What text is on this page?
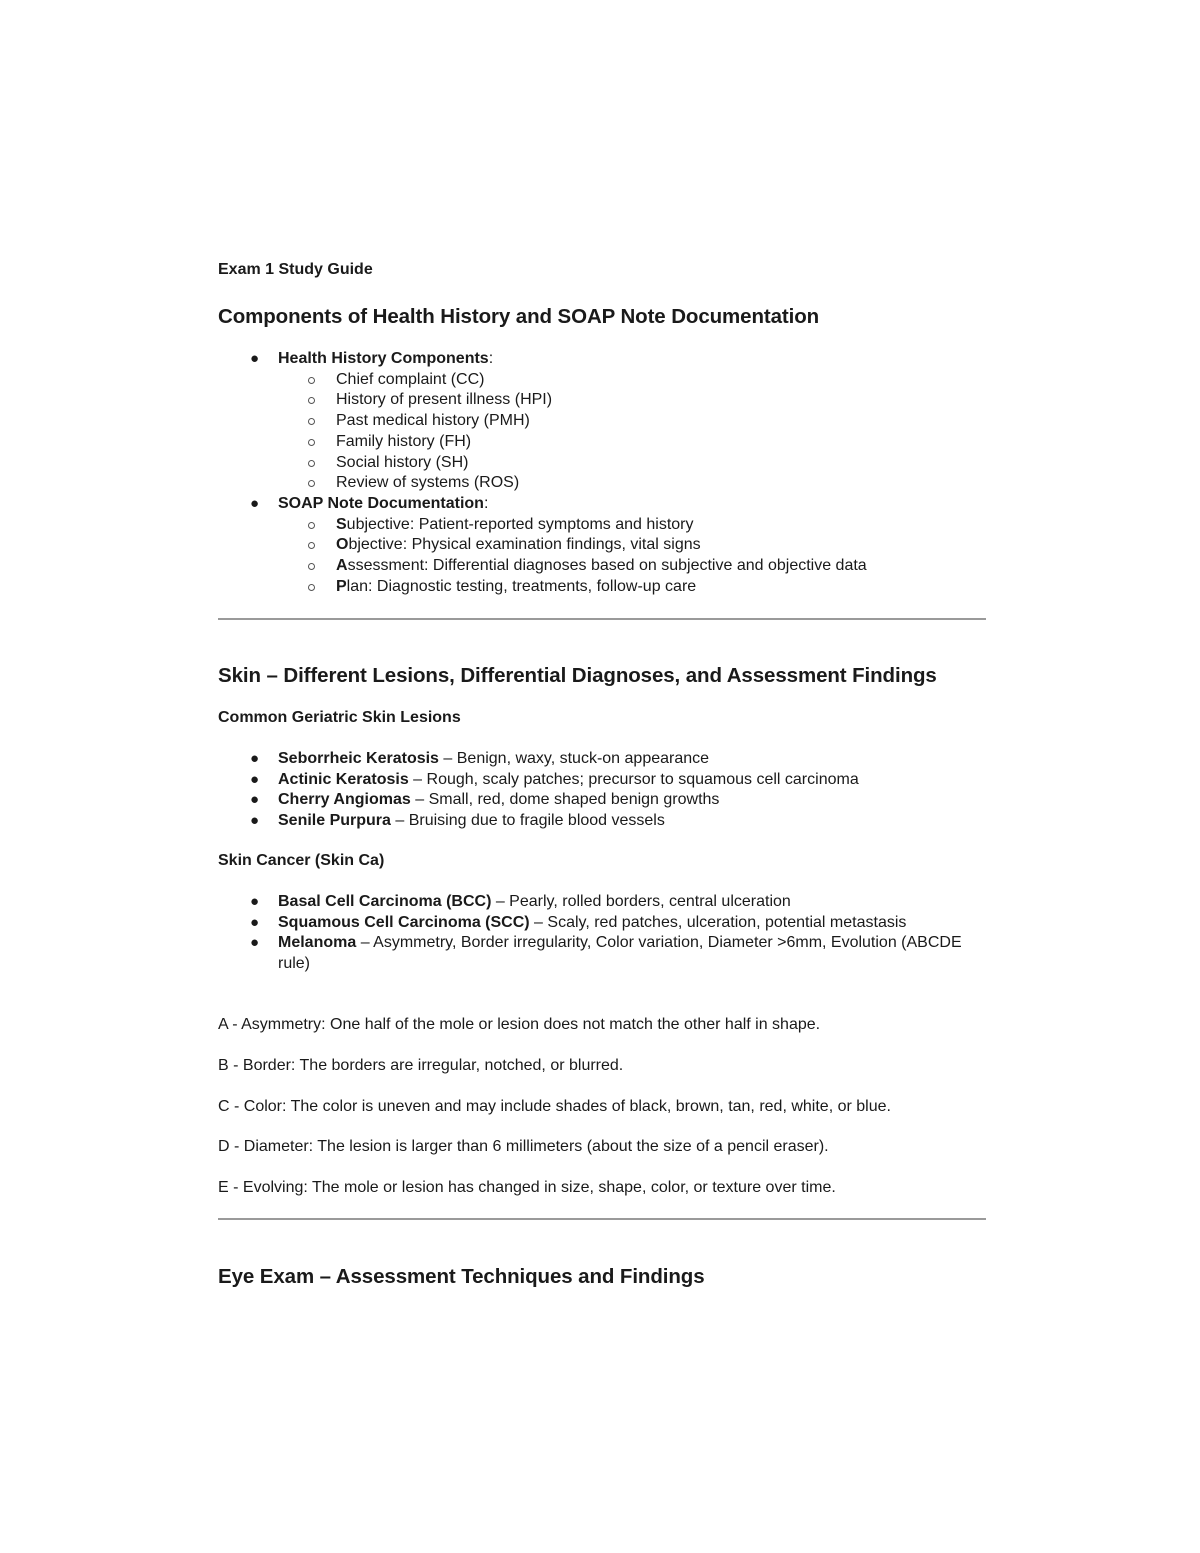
Exam 1 Study Guide
Components of Health History and SOAP Note Documentation
● Health History Components:
Chief complaint (CC)
History of present illness (HPI)
Past medical history (PMH)
Family history (FH)
Social history (SH)
Review of systems (ROS)
● SOAP Note Documentation:
Subjective: Patient-reported symptoms and history
Objective: Physical examination findings, vital signs
Assessment: Differential diagnoses based on subjective and objective data
Plan: Diagnostic testing, treatments, follow-up care
Skin – Different Lesions, Differential Diagnoses, and Assessment Findings
Common Geriatric Skin Lesions
● Seborrheic Keratosis – Benign, waxy, stuck-on appearance
● Actinic Keratosis – Rough, scaly patches; precursor to squamous cell carcinoma
● Cherry Angiomas – Small, red, dome shaped benign growths
● Senile Purpura – Bruising due to fragile blood vessels
Skin Cancer (Skin Ca)
● Basal Cell Carcinoma (BCC) – Pearly, rolled borders, central ulceration
● Squamous Cell Carcinoma (SCC) – Scaly, red patches, ulceration, potential metastasis
● Melanoma – Asymmetry, Border irregularity, Color variation, Diameter >6mm, Evolution (ABCDE rule)
A - Asymmetry: One half of the mole or lesion does not match the other half in shape.
B - Border: The borders are irregular, notched, or blurred.
C - Color: The color is uneven and may include shades of black, brown, tan, red, white, or blue.
D - Diameter: The lesion is larger than 6 millimeters (about the size of a pencil eraser).
E - Evolving: The mole or lesion has changed in size, shape, color, or texture over time.
Eye Exam – Assessment Techniques and Findings
